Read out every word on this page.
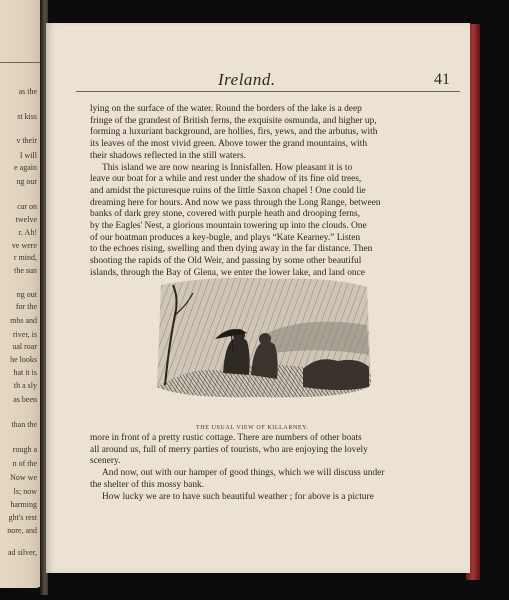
as the
st kiss
v their
I will
e again
ng our
car on
twelve
r. Ah!
ve were
r mind,
the sun
ng out
for the
mbs and
river, is
ual roar
he looks
hat it is
th a sly
as been
than the
rough a
n of the
Now we
ls; now
harming
ght's rest
nore, and
ad silver,
Ireland.	41
lying on the surface of the water. Round the borders of the lake is a deep
fringe of the grandest of British ferns, the exquisite osmunda, and higher up,
forming a luxuriant background, are hollies, firs, yews, and the arbutus, with
its leaves of the most vivid green. Above tower the grand mountains, with
their shadows reflected in the still waters.
This island we are now nearing is Innisfallen. How pleasant it is to
leave our boat for a while and rest under the shadow of its fine old trees,
and amidst the picturesque ruins of the little Saxon chapel ! One could lie
dreaming here for hours. And now we pass through the Long Range, between
banks of dark grey stone, covered with purple heath and drooping ferns,
by the Eagles' Nest, a glorious mountain towering up into the clouds. One
of our boatman produces a key-bugle, and plays “Kate Kearney.” Listen
to the echoes rising, swelling and then dying away in the far distance. Then
shooting the rapids of the Old Weir, and passing by some other beautiful
islands, through the Bay of Glena, we enter the lower lake, and land once
THE USUAL VIEW OF KILLARNEY.
more in front of a pretty rustic cottage. There are numbers of other boats
all around us, full of merry parties of tourists, who are enjoying the lovely
scenery.
And now, out with our hamper of good things, which we will discuss under
the shelter of this mossy bank.
How lucky we are to have such beautiful weather ; for above is a picture
